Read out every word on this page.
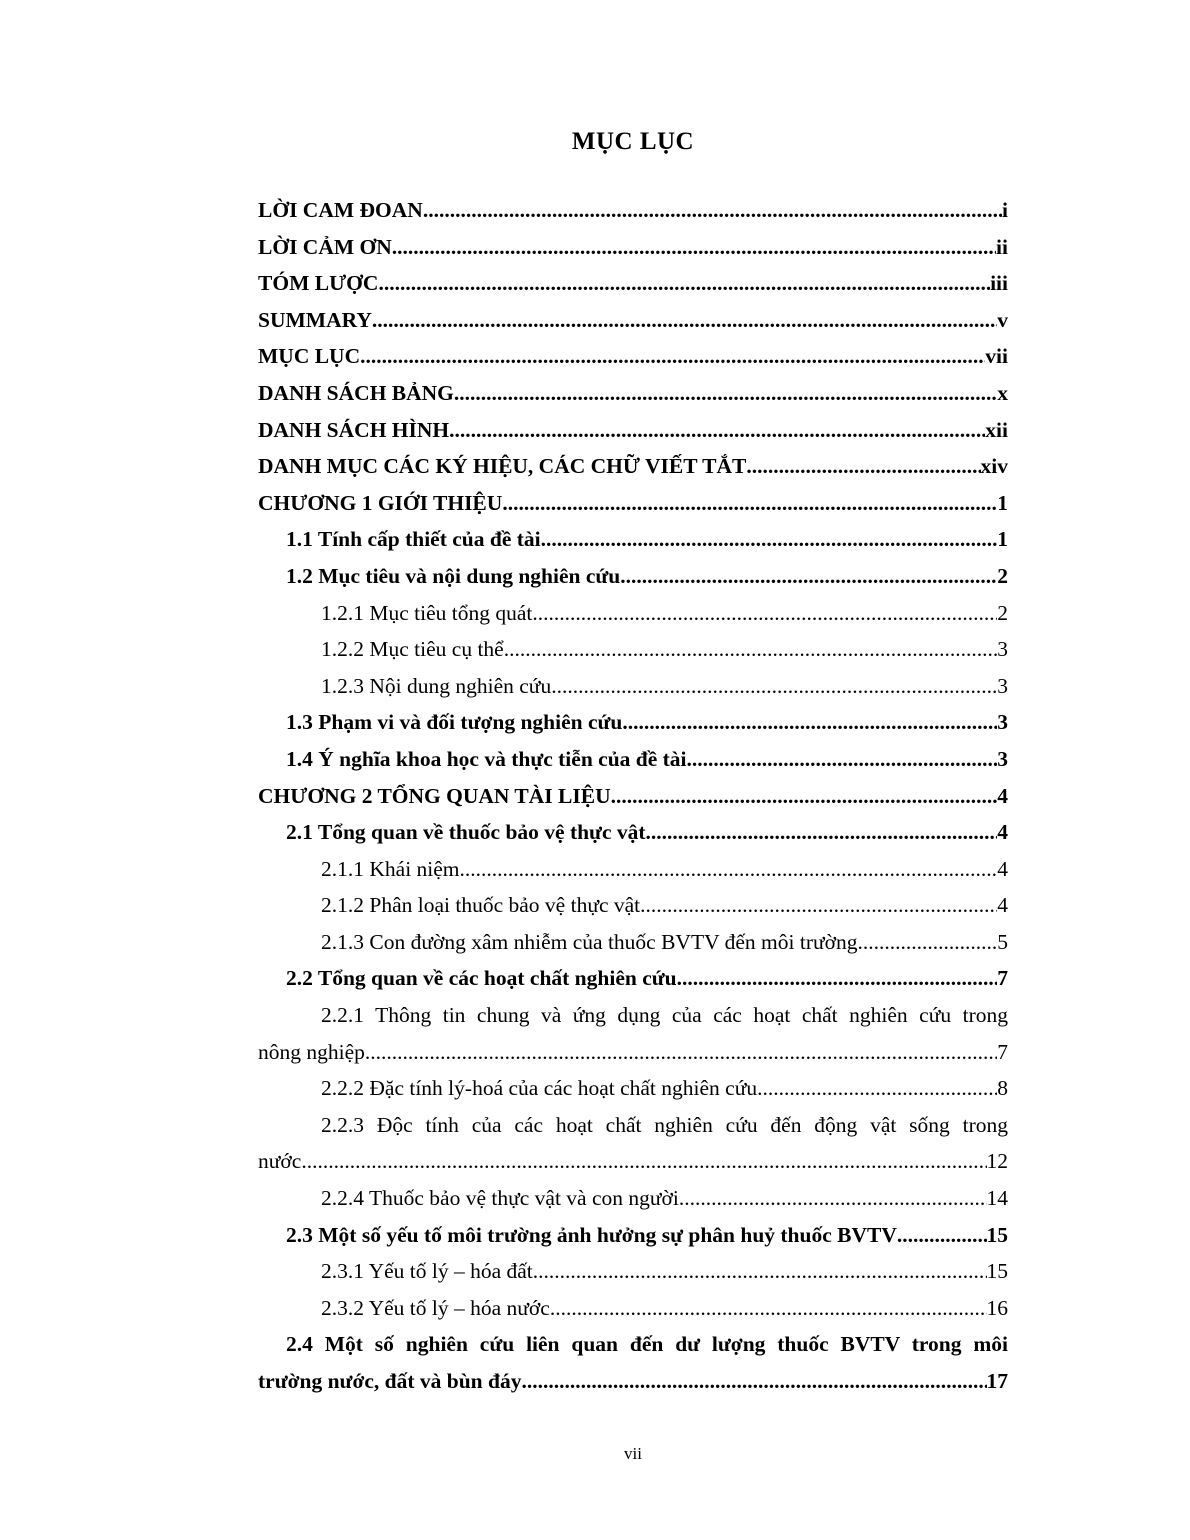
MỤC LỤC
LỜI CAM ĐOAN .....	i
LỜI CẢM ƠN .....	ii
TÓM LƯỢC .....	iii
SUMMARY .....	v
MỤC LỤC .....	vii
DANH SÁCH BẢNG .....	x
DANH SÁCH HÌNH .....	xii
DANH MỤC CÁC KÝ HIỆU, CÁC CHỮ VIẾT TẮT .....	xiv
CHƯƠNG 1 GIỚI THIỆU .....	1
1.1 Tính cấp thiết của đề tài .....	1
1.2 Mục tiêu và nội dung nghiên cứu .....	2
1.2.1 Mục tiêu tổng quát .....	2
1.2.2 Mục tiêu cụ thể .....	3
1.2.3 Nội dung nghiên cứu .....	3
1.3 Phạm vi và đối tượng nghiên cứu .....	3
1.4 Ý nghĩa khoa học và thực tiễn của đề tài .....	3
CHƯƠNG 2 TỔNG QUAN TÀI LIỆU .....	4
2.1 Tổng quan về thuốc bảo vệ thực vật .....	4
2.1.1 Khái niệm .....	4
2.1.2 Phân loại thuốc bảo vệ thực vật .....	4
2.1.3 Con đường xâm nhiễm của thuốc BVTV đến môi trường .....	5
2.2 Tổng quan về các hoạt chất nghiên cứu .....	7
2.2.1 Thông tin chung và ứng dụng của các hoạt chất nghiên cứu trong
nông nghiệp .....	7
2.2.2 Đặc tính lý-hoá của các hoạt chất nghiên cứu .....	8
2.2.3 Độc tính của các hoạt chất nghiên cứu đến động vật sống trong
nước .....	12
2.2.4 Thuốc bảo vệ thực vật và con người .....	14
2.3 Một số yếu tố môi trường ảnh hưởng sự phân huỷ thuốc BVTV .....	15
2.3.1 Yếu tố lý – hóa đất .....	15
2.3.2 Yếu tố lý – hóa nước .....	16
2.4 Một số nghiên cứu liên quan đến dư lượng thuốc BVTV trong môi
trường nước, đất và bùn đáy .....	17
vii
